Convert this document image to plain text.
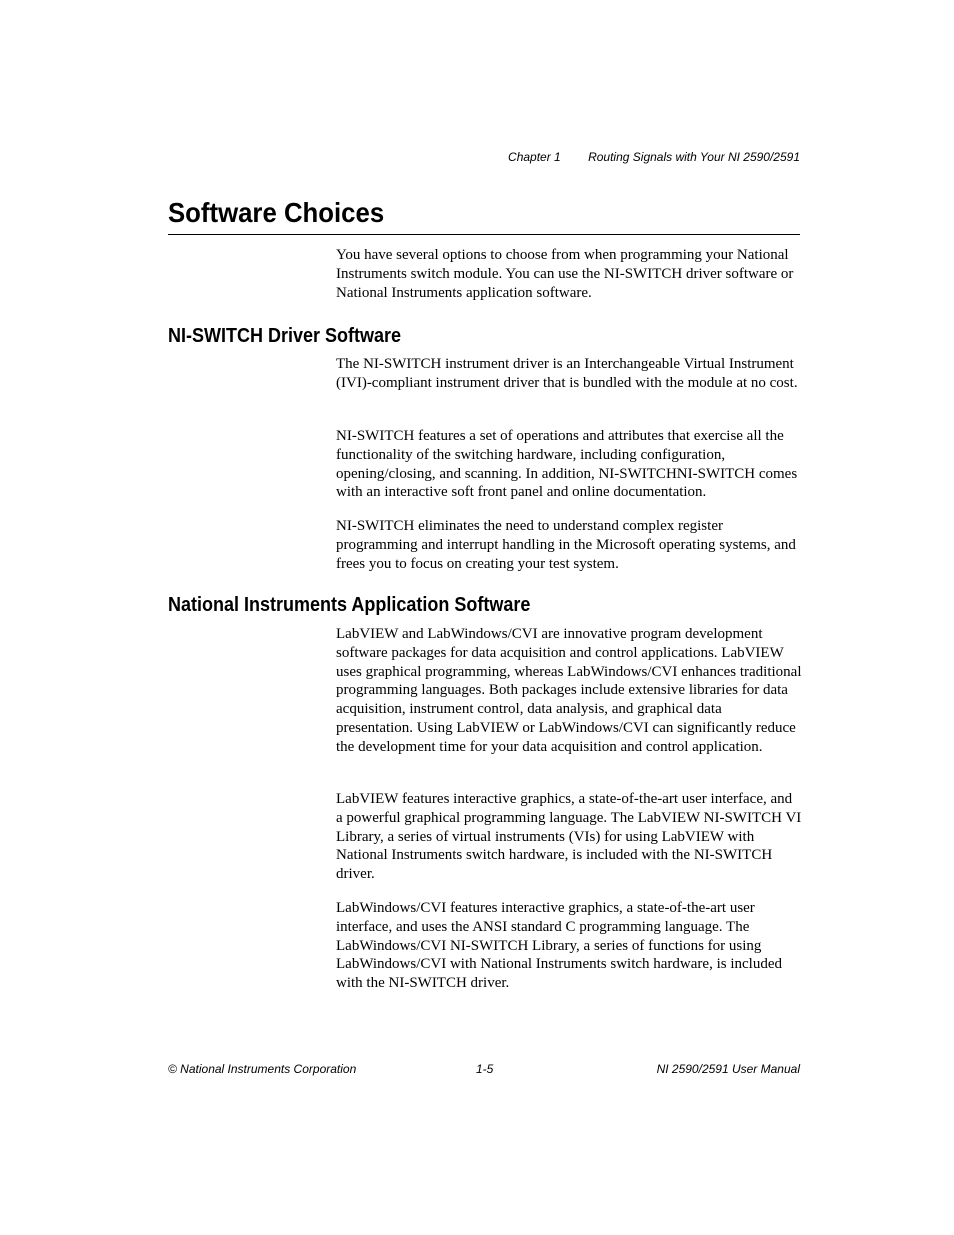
Chapter 1 Routing Signals with Your NI 2590/2591
Software Choices

You have several options to choose from when programming your National Instruments switch module. You can use the NI-SWITCH driver software or National Instruments application software.

NI-SWITCH Driver Software

The NI-SWITCH instrument driver is an Interchangeable Virtual Instrument (IVI)-compliant instrument driver that is bundled with the module at no cost.

NI-SWITCH features a set of operations and attributes that exercise all the functionality of the switching hardware, including configuration, opening/closing, and scanning. In addition, NI-SWITCHNI-SWITCH comes with an interactive soft front panel and online documentation.

NI-SWITCH eliminates the need to understand complex register programming and interrupt handling in the Microsoft operating systems, and frees you to focus on creating your test system.

National Instruments Application Software

LabVIEW and LabWindows/CVI are innovative program development software packages for data acquisition and control applications. LabVIEW uses graphical programming, whereas LabWindows/CVI enhances traditional programming languages. Both packages include extensive libraries for data acquisition, instrument control, data analysis, and graphical data presentation. Using LabVIEW or LabWindows/CVI can significantly reduce the development time for your data acquisition and control application.

LabVIEW features interactive graphics, a state-of-the-art user interface, and a powerful graphical programming language. The LabVIEW NI-SWITCH VI Library, a series of virtual instruments (VIs) for using LabVIEW with National Instruments switch hardware, is included with the NI-SWITCH driver.

LabWindows/CVI features interactive graphics, a state-of-the-art user interface, and uses the ANSI standard C programming language. The LabWindows/CVI NI-SWITCH Library, a series of functions for using LabWindows/CVI with National Instruments switch hardware, is included with the NI-SWITCH driver.

© National Instruments Corporation	1-5	NI 2590/2591 User Manual
